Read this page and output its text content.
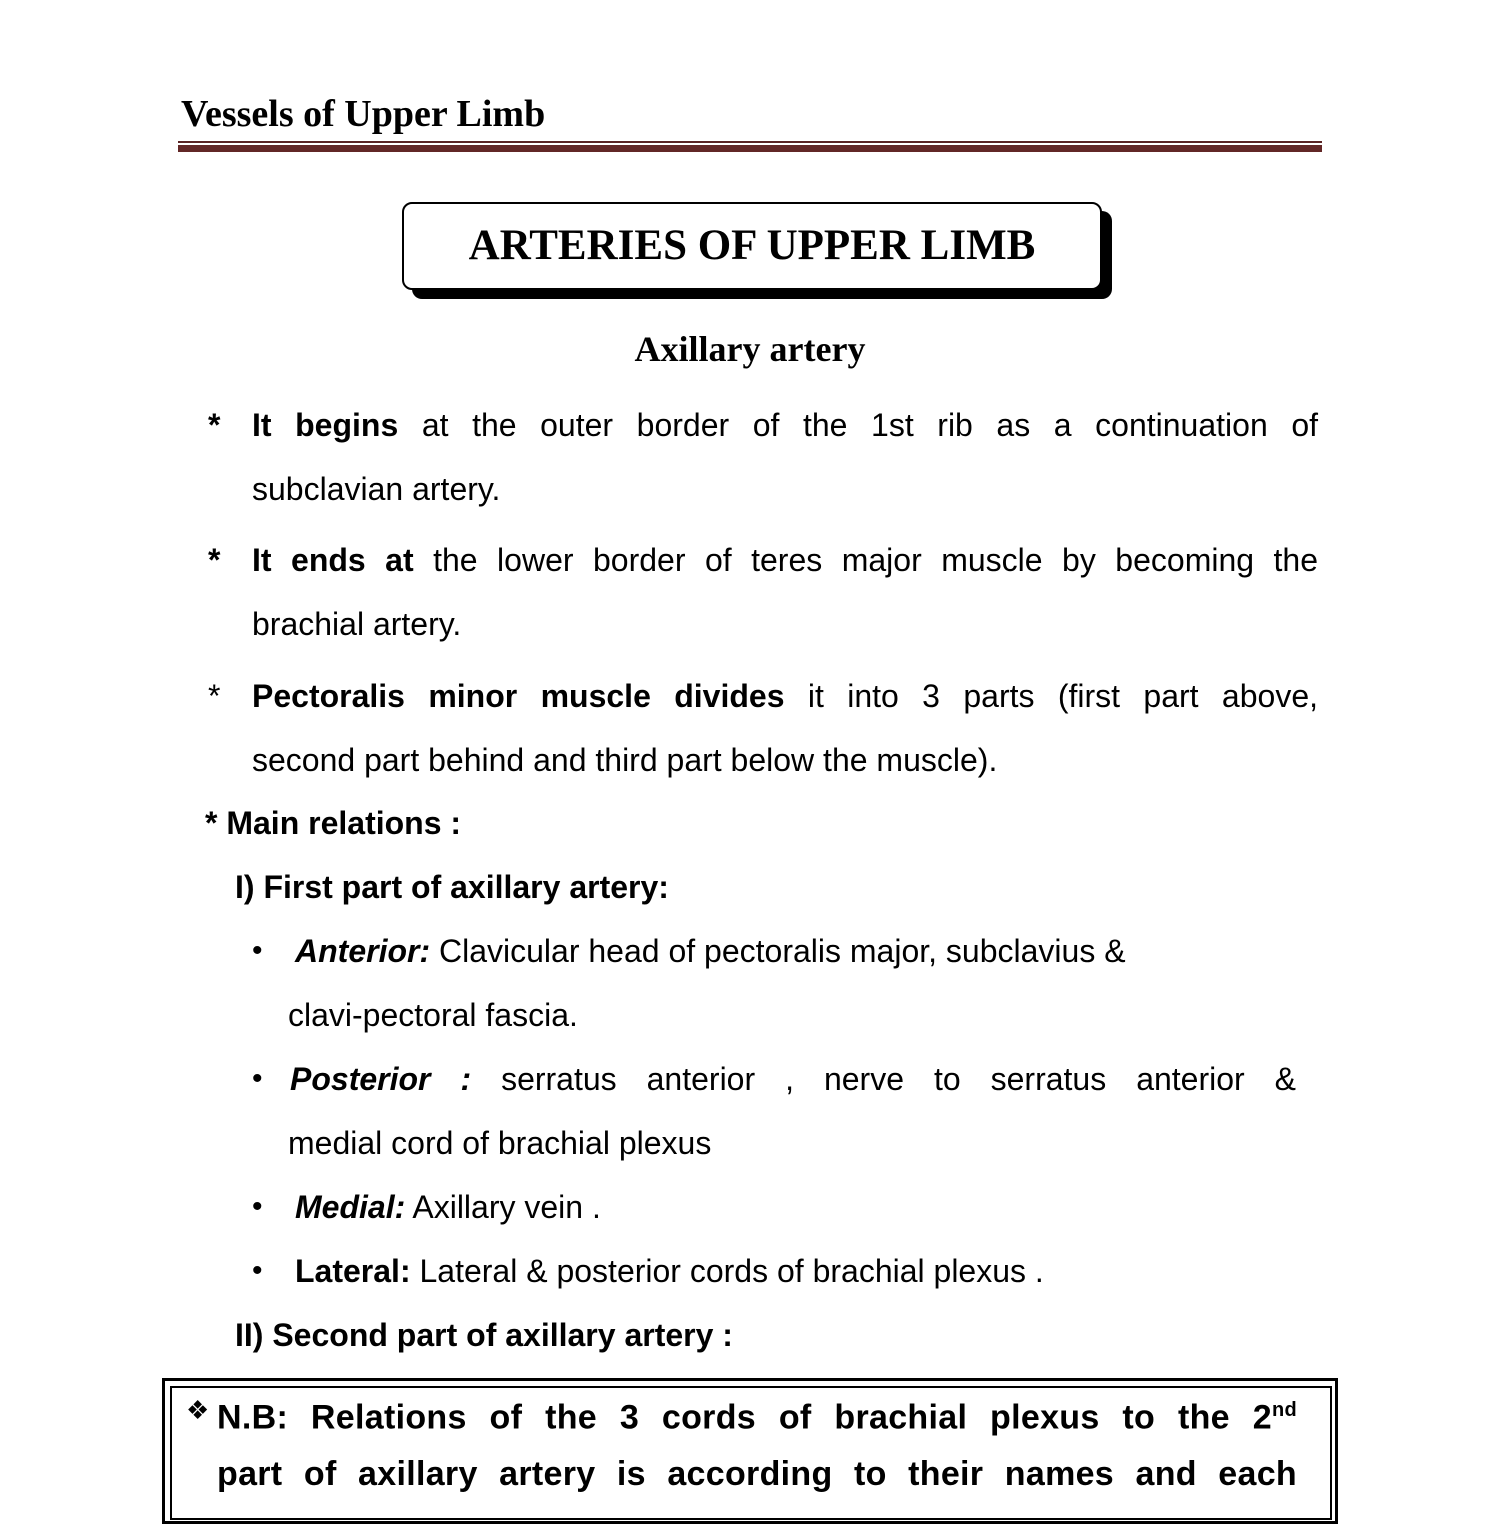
Vessels of Upper Limb
ARTERIES OF UPPER LIMB
Axillary artery
* It begins at the outer border of the 1st rib as a continuation of
subclavian artery.
* It ends at the lower border of teres major muscle by becoming the
brachial artery.
* Pectoralis minor muscle divides it into 3 parts (first part above,
second part behind and third part below the muscle).
* Main relations :
I) First part of axillary artery:
• Anterior: Clavicular head of pectoralis major, subclavius &
clavi-pectoral fascia.
• Posterior : serratus anterior , nerve to serratus anterior &
medial cord of brachial plexus
• Medial: Axillary vein .
• Lateral: Lateral & posterior cords of brachial plexus .
II) Second part of axillary artery :
❖ N.B: Relations of the 3 cords of brachial plexus to the 2nd
part of axillary artery is according to their names and each
